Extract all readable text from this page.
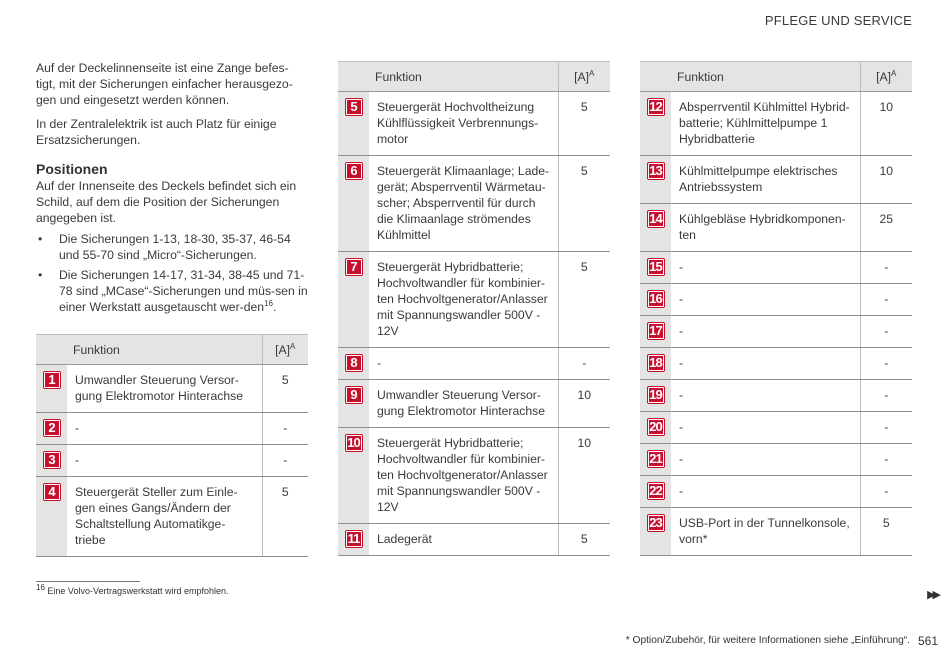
PFLEGE UND SERVICE

Auf der Deckelinnenseite ist eine Zange befes-tigt, mit der Sicherungen einfacher herausgezo-gen und eingesetzt werden können.

In der Zentralelektrik ist auch Platz für einige Ersatzsicherungen.

Positionen

Auf der Innenseite des Deckels befindet sich ein Schild, auf dem die Position der Sicherungen angegeben ist.

• Die Sicherungen 1-13, 18-30, 35-37, 46-54 und 55-70 sind „Micro“-Sicherungen.
• Die Sicherungen 14-17, 31-34, 38-45 und 71-78 sind „MCase“-Sicherungen und müs-sen in einer Werkstatt ausgetauscht wer-den$^{16}$.
	Funktion	$[A]^A$
1	Umwandler Steuerung Versor-gung Elektromotor Hinterachse	5
2	-	-
3	-	-
4	Steuergerät Steller zum Einle-gen eines Gangs/Ändern der Schaltstellung Automatikge-triebe	5
	Funktion	$[A]^A$
5	Steuergerät Hochvoltheizung Kühlflüssigkeit Verbrennungs-motor	5
6	Steuergerät Klimaanlage; Lade-gerät; Absperrventil Wärmetau-scher; Absperrventil für durch die Klimaanlage strömendes Kühlmittel	5
7	Steuergerät Hybridbatterie; Hochvoltwandler für kombinier-ten Hochvoltgenerator/Anlasser mit Spannungswandler 500V - 12V	5
8	-	-
9	Umwandler Steuerung Versor-gung Elektromotor Hinterachse	10
10	Steuergerät Hybridbatterie; Hochvoltwandler für kombinier-ten Hochvoltgenerator/Anlasser mit Spannungswandler 500V - 12V	10
11	Ladegerät	5
	Funktion	$[A]^A$
12	Absperrventil Kühlmittel Hybrid-batterie; Kühlmittelpumpe 1 Hybridbatterie	10
13	Kühlmittelpumpe elektrisches Antriebssystem	10
14	Kühlgebläse Hybridkomponen-ten	25
15	-	-
16	-	-
17	-	-
18	-	-
19	-	-
20	-	-
21	-	-
22	-	-
23	USB-Port in der Tunnelkonsole, vorn*	5
$^{16}$ Eine Volvo-Vertragswerkstatt wird empfohlen.	▶▶
* Option/Zubehör, für weitere Informationen siehe „Einführung“. 561
